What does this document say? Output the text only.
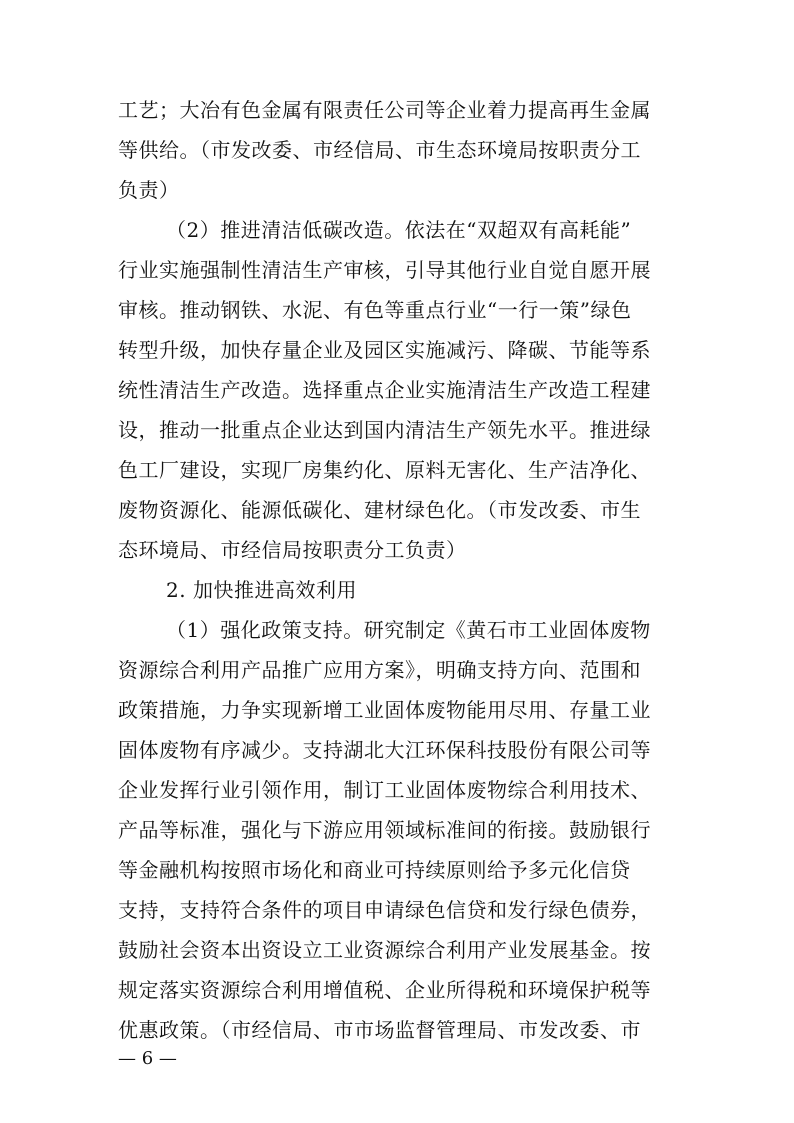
工艺；大冶有色金属有限责任公司等企业着力提高再生金属
等供给。（市发改委、市经信局、市生态环境局按职责分工
负责）
（2）推进清洁低碳改造。依法在“双超双有高耗能”
行业实施强制性清洁生产审核，引导其他行业自觉自愿开展
审核。推动钢铁、水泥、有色等重点行业“一行一策”绿色
转型升级，加快存量企业及园区实施减污、降碳、节能等系
统性清洁生产改造。选择重点企业实施清洁生产改造工程建
设，推动一批重点企业达到国内清洁生产领先水平。推进绿
色工厂建设，实现厂房集约化、原料无害化、生产洁净化、
废物资源化、能源低碳化、建材绿色化。（市发改委、市生
态环境局、市经信局按职责分工负责）
2. 加快推进高效利用
（1）强化政策支持。研究制定《黄石市工业固体废物
资源综合利用产品推广应用方案》，明确支持方向、范围和
政策措施，力争实现新增工业固体废物能用尽用、存量工业
固体废物有序减少。支持湖北大江环保科技股份有限公司等
企业发挥行业引领作用，制订工业固体废物综合利用技术、
产品等标准，强化与下游应用领域标准间的衔接。鼓励银行
等金融机构按照市场化和商业可持续原则给予多元化信贷
支持，支持符合条件的项目申请绿色信贷和发行绿色债券，
鼓励社会资本出资设立工业资源综合利用产业发展基金。按
规定落实资源综合利用增值税、企业所得税和环境保护税等
优惠政策。（市经信局、市市场监督管理局、市发改委、市
— 6 —
